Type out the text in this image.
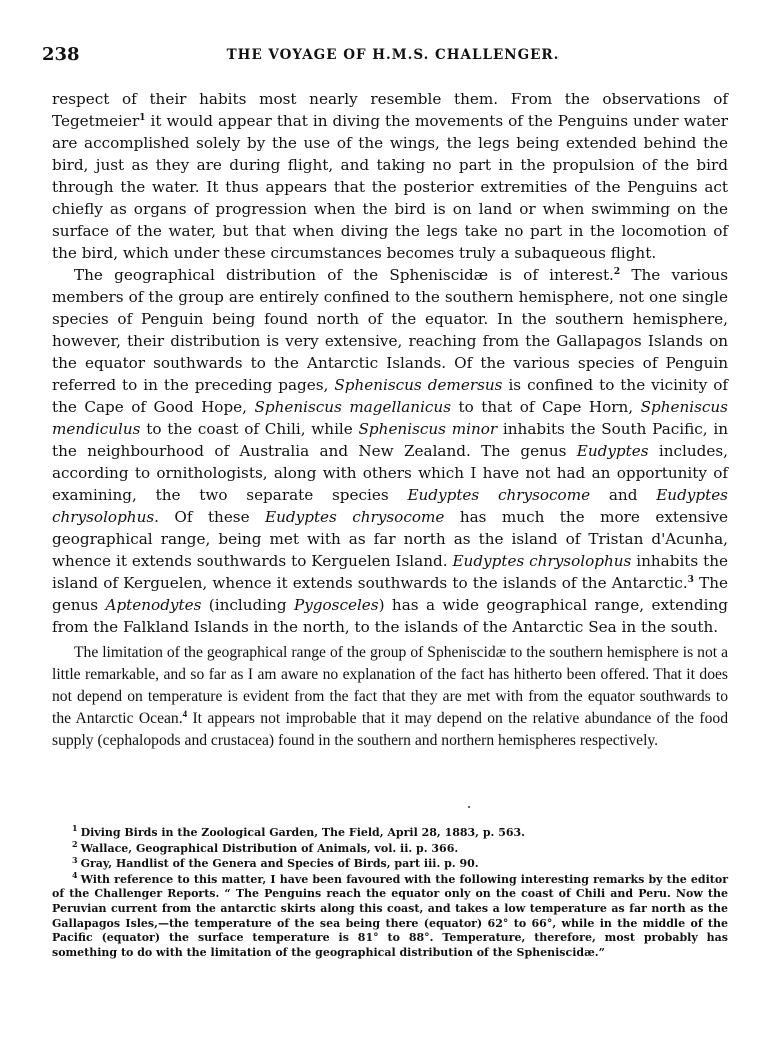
238	THE VOYAGE OF H.M.S. CHALLENGER.

respect of their habits most nearly resemble them. From the observations of Tegetmeier$^1$ it would appear that in diving the movements of the Penguins under water are accomplished solely by the use of the wings, the legs being extended behind the bird, just as they are during flight, and taking no part in the propulsion of the bird through the water. It thus appears that the posterior extremities of the Penguins act chiefly as organs of progression when the bird is on land or when swimming on the surface of the water, but that when diving the legs take no part in the locomotion of the bird, which under these circumstances becomes truly a subaqueous flight.

The geographical distribution of the Spheniscidæ is of interest.$^2$ The various members of the group are entirely confined to the southern hemisphere, not one single species of Penguin being found north of the equator. In the southern hemisphere, however, their distribution is very extensive, reaching from the Gallapagos Islands on the equator southwards to the Antarctic Islands. Of the various species of Penguin referred to in the preceding pages, Spheniscus demersus is confined to the vicinity of the Cape of Good Hope, Spheniscus magellanicus to that of Cape Horn, Spheniscus mendiculus to the coast of Chili, while Spheniscus minor inhabits the South Pacific, in the neighbourhood of Australia and New Zealand. The genus Eudyptes includes, according to ornithologists, along with others which I have not had an opportunity of examining, the two separate species Eudyptes chrysocome and Eudyptes chrysolophus. Of these Eudyptes chrysocome has much the more extensive geographical range, being met with as far north as the island of Tristan d'Acunha, whence it extends southwards to Kerguelen Island. Eudyptes chrysolophus inhabits the island of Kerguelen, whence it extends southwards to the islands of the Antarctic.$^3$ The genus Aptenodytes (including Pygosceles) has a wide geographical range, extending from the Falkland Islands in the north, to the islands of the Antarctic Sea in the south.

The limitation of the geographical range of the group of Spheniscidæ to the southern hemisphere is not a little remarkable, and so far as I am aware no explanation of the fact has hitherto been offered. That it does not depend on temperature is evident from the fact that they are met with from the equator southwards to the Antarctic Ocean.$^4$ It appears not improbable that it may depend on the relative abundance of the food supply (cephalopods and crustacea) found in the southern and northern hemispheres respectively.

$^1$ Diving Birds in the Zoological Garden, The Field, April 28, 1883, p. 563.

$^2$ Wallace, Geographical Distribution of Animals, vol. ii. p. 366.

$^3$ Gray, Handlist of the Genera and Species of Birds, part iii. p. 90.

$^4$ With reference to this matter, I have been favoured with the following interesting remarks by the editor of the Challenger Reports. “ The Penguins reach the equator only on the coast of Chili and Peru. Now the Peruvian current from the antarctic skirts along this coast, and takes a low temperature as far north as the Gallapagos Isles,—the temperature of the sea being there (equator) 62° to 66°, while in the middle of the Pacific (equator) the surface temperature is 81° to 88°. Temperature, therefore, most probably has something to do with the limitation of the geographical distribution of the Spheniscidæ.”
